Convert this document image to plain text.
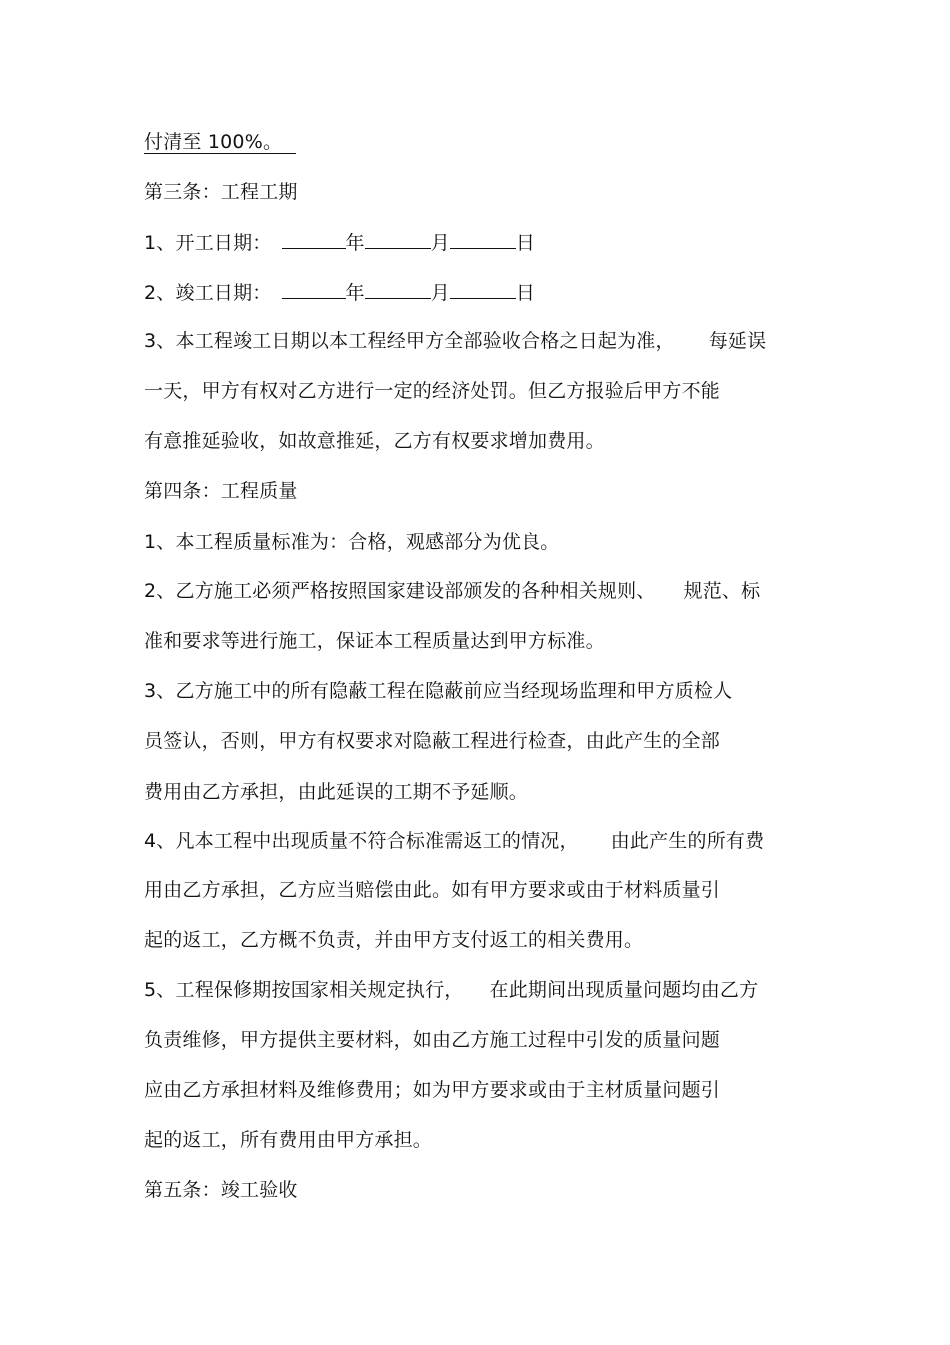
付清至 100%。
第三条：工程工期
1、开工日期：	年	月	日
2、竣工日期：	年	月	日
3、本工程竣工日期以本工程经甲方全部验收合格之日起为准， 每延误
一天，甲方有权对乙方进行一定的经济处罚。但乙方报验后甲方不能
有意推延验收，如故意推延，乙方有权要求增加费用。
第四条：工程质量
1、本工程质量标准为：合格，观感部分为优良。
2、乙方施工必须严格按照国家建设部颁发的各种相关规则、 规范、标
准和要求等进行施工，保证本工程质量达到甲方标准。
3、乙方施工中的所有隐蔽工程在隐蔽前应当经现场监理和甲方质检人
员签认，否则，甲方有权要求对隐蔽工程进行检查，由此产生的全部
费用由乙方承担，由此延误的工期不予延顺。
4、凡本工程中出现质量不符合标准需返工的情况， 由此产生的所有费
用由乙方承担，乙方应当赔偿由此。如有甲方要求或由于材料质量引
起的返工，乙方概不负责，并由甲方支付返工的相关费用。
5、工程保修期按国家相关规定执行， 在此期间出现质量问题均由乙方
负责维修，甲方提供主要材料，如由乙方施工过程中引发的质量问题
应由乙方承担材料及维修费用；如为甲方要求或由于主材质量问题引
起的返工，所有费用由甲方承担。
第五条：竣工验收
